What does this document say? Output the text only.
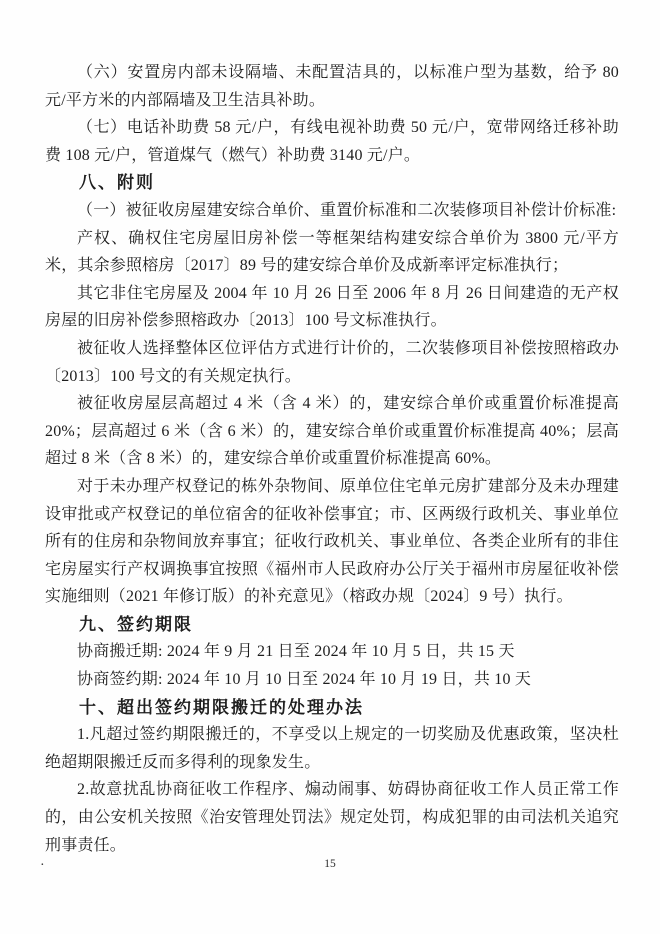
（六）安置房内部未设隔墙、未配置洁具的，以标准户型为基数，给予 80 元/平方米的内部隔墙及卫生洁具补助。

（七）电话补助费 58 元/户，有线电视补助费 50 元/户，宽带网络迁移补助费 108 元/户，管道煤气（燃气）补助费 3140 元/户。

八、附则

（一）被征收房屋建安综合单价、重置价标准和二次装修项目补偿计价标准:

产权、确权住宅房屋旧房补偿一等框架结构建安综合单价为 3800 元/平方米，其余参照榕房〔2017〕89 号的建安综合单价及成新率评定标准执行；

其它非住宅房屋及 2004 年 10 月 26 日至 2006 年 8 月 26 日间建造的无产权房屋的旧房补偿参照榕政办〔2013〕100 号文标准执行。

被征收人选择整体区位评估方式进行计价的，二次装修项目补偿按照榕政办〔2013〕100 号文的有关规定执行。

被征收房屋层高超过 4 米（含 4 米）的，建安综合单价或重置价标准提高 20%；层高超过 6 米（含 6 米）的，建安综合单价或重置价标准提高 40%；层高超过 8 米（含 8 米）的，建安综合单价或重置价标准提高 60%。

对于未办理产权登记的栋外杂物间、原单位住宅单元房扩建部分及未办理建设审批或产权登记的单位宿舍的征收补偿事宜；市、区两级行政机关、事业单位所有的住房和杂物间放弃事宜；征收行政机关、事业单位、各类企业所有的非住宅房屋实行产权调换事宜按照《福州市人民政府办公厅关于福州市房屋征收补偿实施细则（2021 年修订版）的补充意见》（榕政办规〔2024〕9 号）执行。

九、签约期限

协商搬迁期: 2024 年 9 月 21 日至 2024 年 10 月 5 日，共 15 天

协商签约期: 2024 年 10 月 10 日至 2024 年 10 月 19 日，共 10 天

十、超出签约期限搬迁的处理办法

1.凡超过签约期限搬迁的，不享受以上规定的一切奖励及优惠政策，坚决杜绝超期限搬迁反而多得利的现象发生。

2.故意扰乱协商征收工作程序、煽动闹事、妨碍协商征收工作人员正常工作的，由公安机关按照《治安管理处罚法》规定处罚，构成犯罪的由司法机关追究刑事责任。

·	15
